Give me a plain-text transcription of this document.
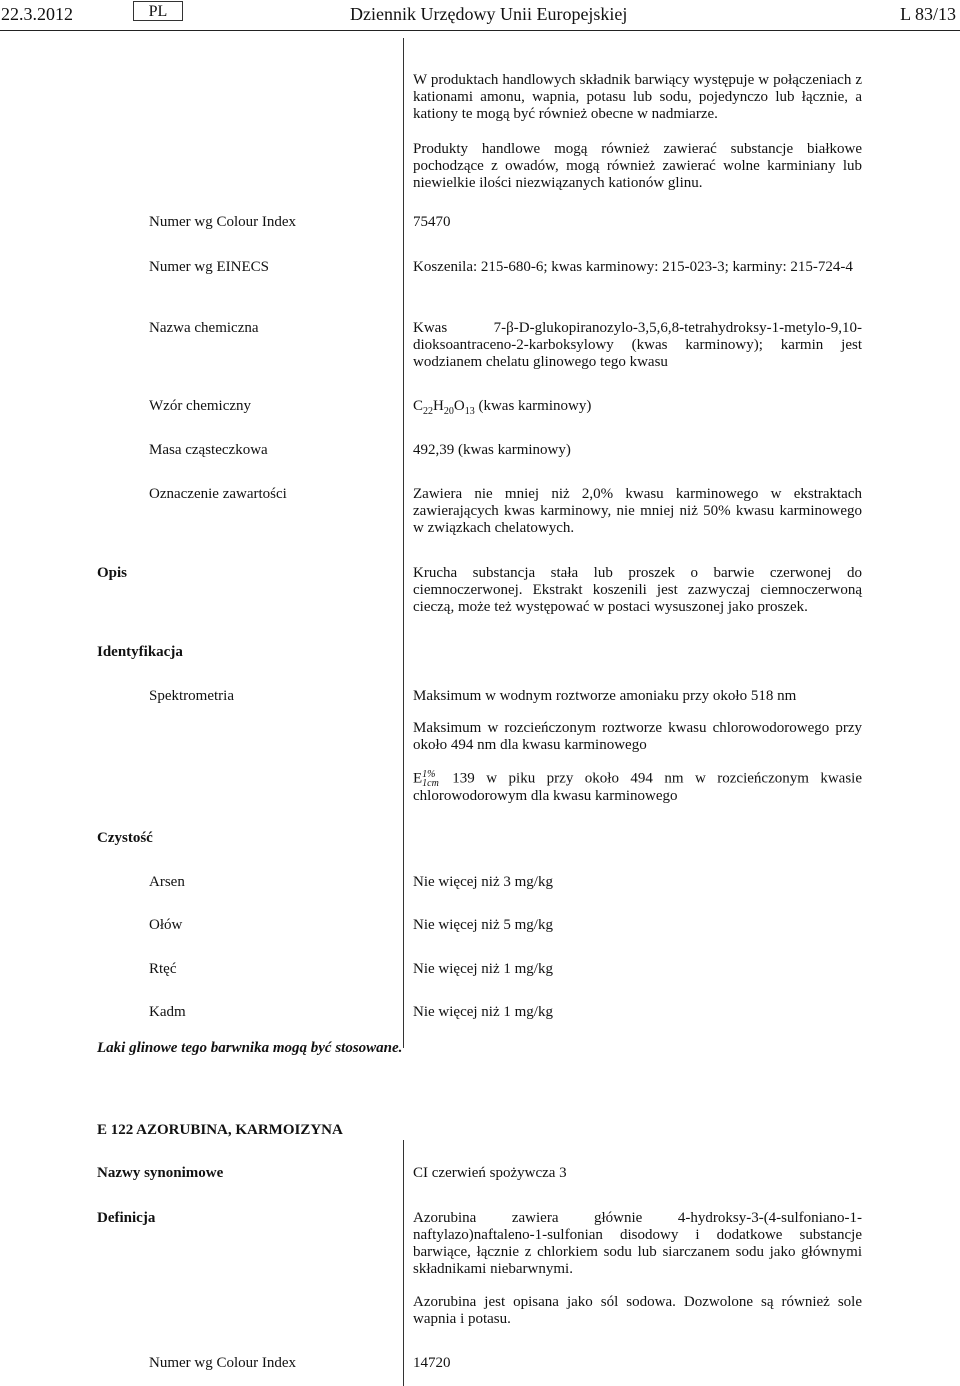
22.3.2012	PL	Dziennik Urzędowy Unii Europejskiej	L 83/13
W produktach handlowych składnik barwiący występuje w połączeniach z kationami amonu, wapnia, potasu lub sodu, pojedynczo lub łącznie, a kationy te mogą być również obecne w nadmiarze.
Produkty handlowe mogą również zawierać substancje białkowe pochodzące z owadów, mogą również zawierać wolne karminiany lub niewielkie ilości niezwiązanych kationów glinu.
Numer wg Colour Index	75470
Numer wg EINECS	Koszenila: 215-680-6; kwas karminowy: 215-023-3; karminy: 215-724-4
Nazwa chemiczna	Kwas 7-β-D-glukopiranozylo-3,5,6,8-tetrahydroksy-1-metylo-9,10-dioksoantraceno-2-karboksylowy (kwas karminowy); karmin jest wodzianem chelatu glinowego tego kwasu
Wzór chemiczny	$C_{22}H_{20}O_{13}$ (kwas karminowy)
Masa cząsteczkowa	492,39 (kwas karminowy)
Oznaczenie zawartości	Zawiera nie mniej niż 2,0% kwasu karminowego w ekstraktach zawierających kwas karminowy, nie mniej niż 50% kwasu karminowego w związkach chelatowych.
Opis	Krucha substancja stała lub proszek o barwie czerwonej do ciemnoczerwonej. Ekstrakt koszenili jest zazwyczaj ciemnoczerwoną cieczą, może też występować w postaci wysuszonej jako proszek.
Identyfikacja
Spektrometria	Maksimum w wodnym roztworze amoniaku przy około 518 nm
Maksimum w rozcieńczonym roztworze kwasu chlorowodorowego przy około 494 nm dla kwasu karminowego
E 1%
1cm 139 w piku przy około 494 nm w rozcieńczonym kwasie chlorowodorowym dla kwasu karminowego
Czystość
Arsen	Nie więcej niż 3 mg/kg
Ołów	Nie więcej niż 5 mg/kg
Rtęć	Nie więcej niż 1 mg/kg
Kadm	Nie więcej niż 1 mg/kg
Laki glinowe tego barwnika mogą być stosowane.
E 122 AZORUBINA, KARMOIZYNA
Nazwy synonimowe	CI czerwień spożywcza 3
Definicja	Azorubina zawiera głównie 4-hydroksy-3-(4-sulfoniano-1-naftylazo)naftaleno-1-sulfonian disodowy i dodatkowe substancje barwiące, łącznie z chlorkiem sodu lub siarczanem sodu jako głównymi składnikami niebarwnymi.
Azorubina jest opisana jako sól sodowa. Dozwolone są również sole wapnia i potasu.
Numer wg Colour Index	14720
